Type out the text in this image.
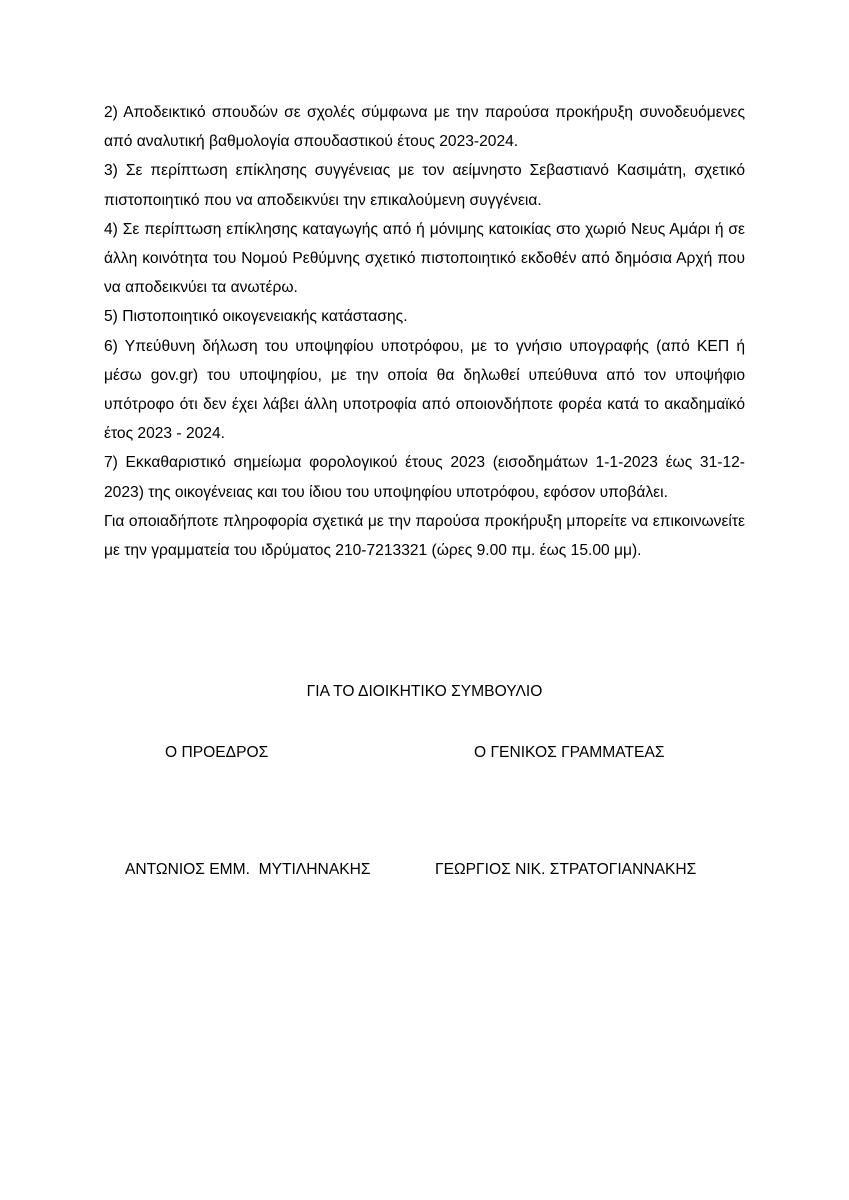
2) Αποδεικτικό σπουδών σε σχολές σύμφωνα με την παρούσα προκήρυξη συνοδευόμενες από αναλυτική βαθμολογία σπουδαστικού έτους 2023-2024.

3) Σε περίπτωση επίκλησης συγγένειας με τον αείμνηστο Σεβαστιανό Κασιμάτη, σχετικό πιστοποιητικό που να αποδεικνύει την επικαλούμενη συγγένεια.

4) Σε περίπτωση επίκλησης καταγωγής από ή μόνιμης κατοικίας στο χωριό Νευς Αμάρι ή σε άλλη κοινότητα του Νομού Ρεθύμνης σχετικό πιστοποιητικό εκδοθέν από δημόσια Αρχή που να αποδεικνύει τα ανωτέρω.

5) Πιστοποιητικό οικογενειακής κατάστασης.

6) Υπεύθυνη δήλωση του υποψηφίου υποτρόφου, με το γνήσιο υπογραφής (από ΚΕΠ ή μέσω gov.gr) του υποψηφίου, με την οποία θα δηλωθεί υπεύθυνα από τον υποψήφιο υπότροφο ότι δεν έχει λάβει άλλη υποτροφία από οποιονδήποτε φορέα κατά το ακαδημαϊκό έτος 2023 - 2024.

7) Εκκαθαριστικό σημείωμα φορολογικού έτους 2023 (εισοδημάτων 1-1-2023 έως 31-12-2023) της οικογένειας και του ίδιου του υποψηφίου υποτρόφου, εφόσον υποβάλει.

Για οποιαδήποτε πληροφορία σχετικά με την παρούσα προκήρυξη μπορείτε να επικοινωνείτε με την γραμματεία του ιδρύματος 210-7213321 (ώρες 9.00 πμ. έως 15.00 μμ).

ΓΙΑ ΤΟ ΔΙΟΙΚΗΤΙΚΟ ΣΥΜΒΟΥΛΙΟ
Ο ΠΡΟΕΔΡΟΣ	Ο ΓΕΝΙΚΟΣ ΓΡΑΜΜΑΤΕΑΣ
ΑΝΤΩΝΙΟΣ ΕΜΜ.  ΜΥΤΙΛΗΝΑΚΗΣ	ΓΕΩΡΓΙΟΣ ΝΙΚ. ΣΤΡΑΤΟΓΙΑΝΝΑΚΗΣ
